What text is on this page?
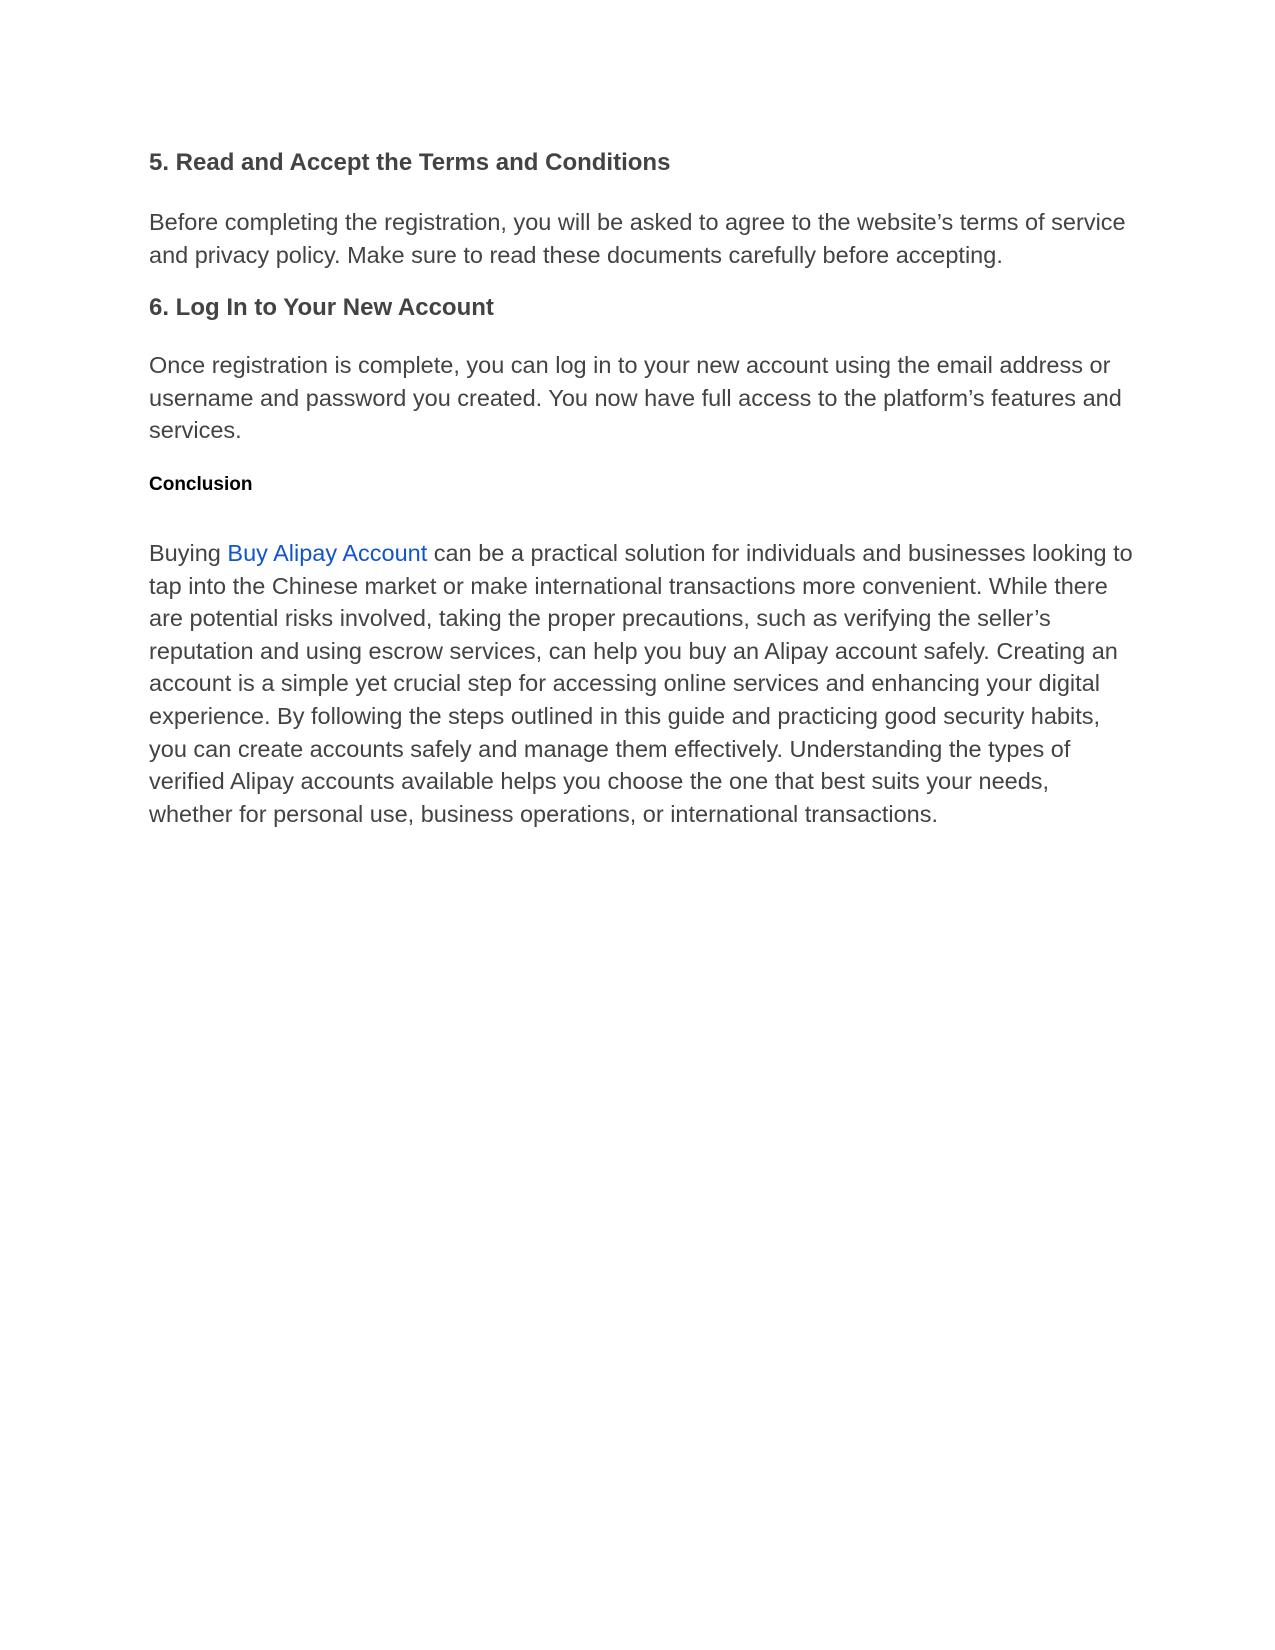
5. Read and Accept the Terms and Conditions

Before completing the registration, you will be asked to agree to the website’s terms of service and privacy policy. Make sure to read these documents carefully before accepting.

6. Log In to Your New Account

Once registration is complete, you can log in to your new account using the email address or username and password you created. You now have full access to the platform’s features and services.

Conclusion

Buying Buy Alipay Account can be a practical solution for individuals and businesses looking to tap into the Chinese market or make international transactions more convenient. While there are potential risks involved, taking the proper precautions, such as verifying the seller’s reputation and using escrow services, can help you buy an Alipay account safely. Creating an account is a simple yet crucial step for accessing online services and enhancing your digital experience. By following the steps outlined in this guide and practicing good security habits, you can create accounts safely and manage them effectively. Understanding the types of verified Alipay accounts available helps you choose the one that best suits your needs, whether for personal use, business operations, or international transactions.
